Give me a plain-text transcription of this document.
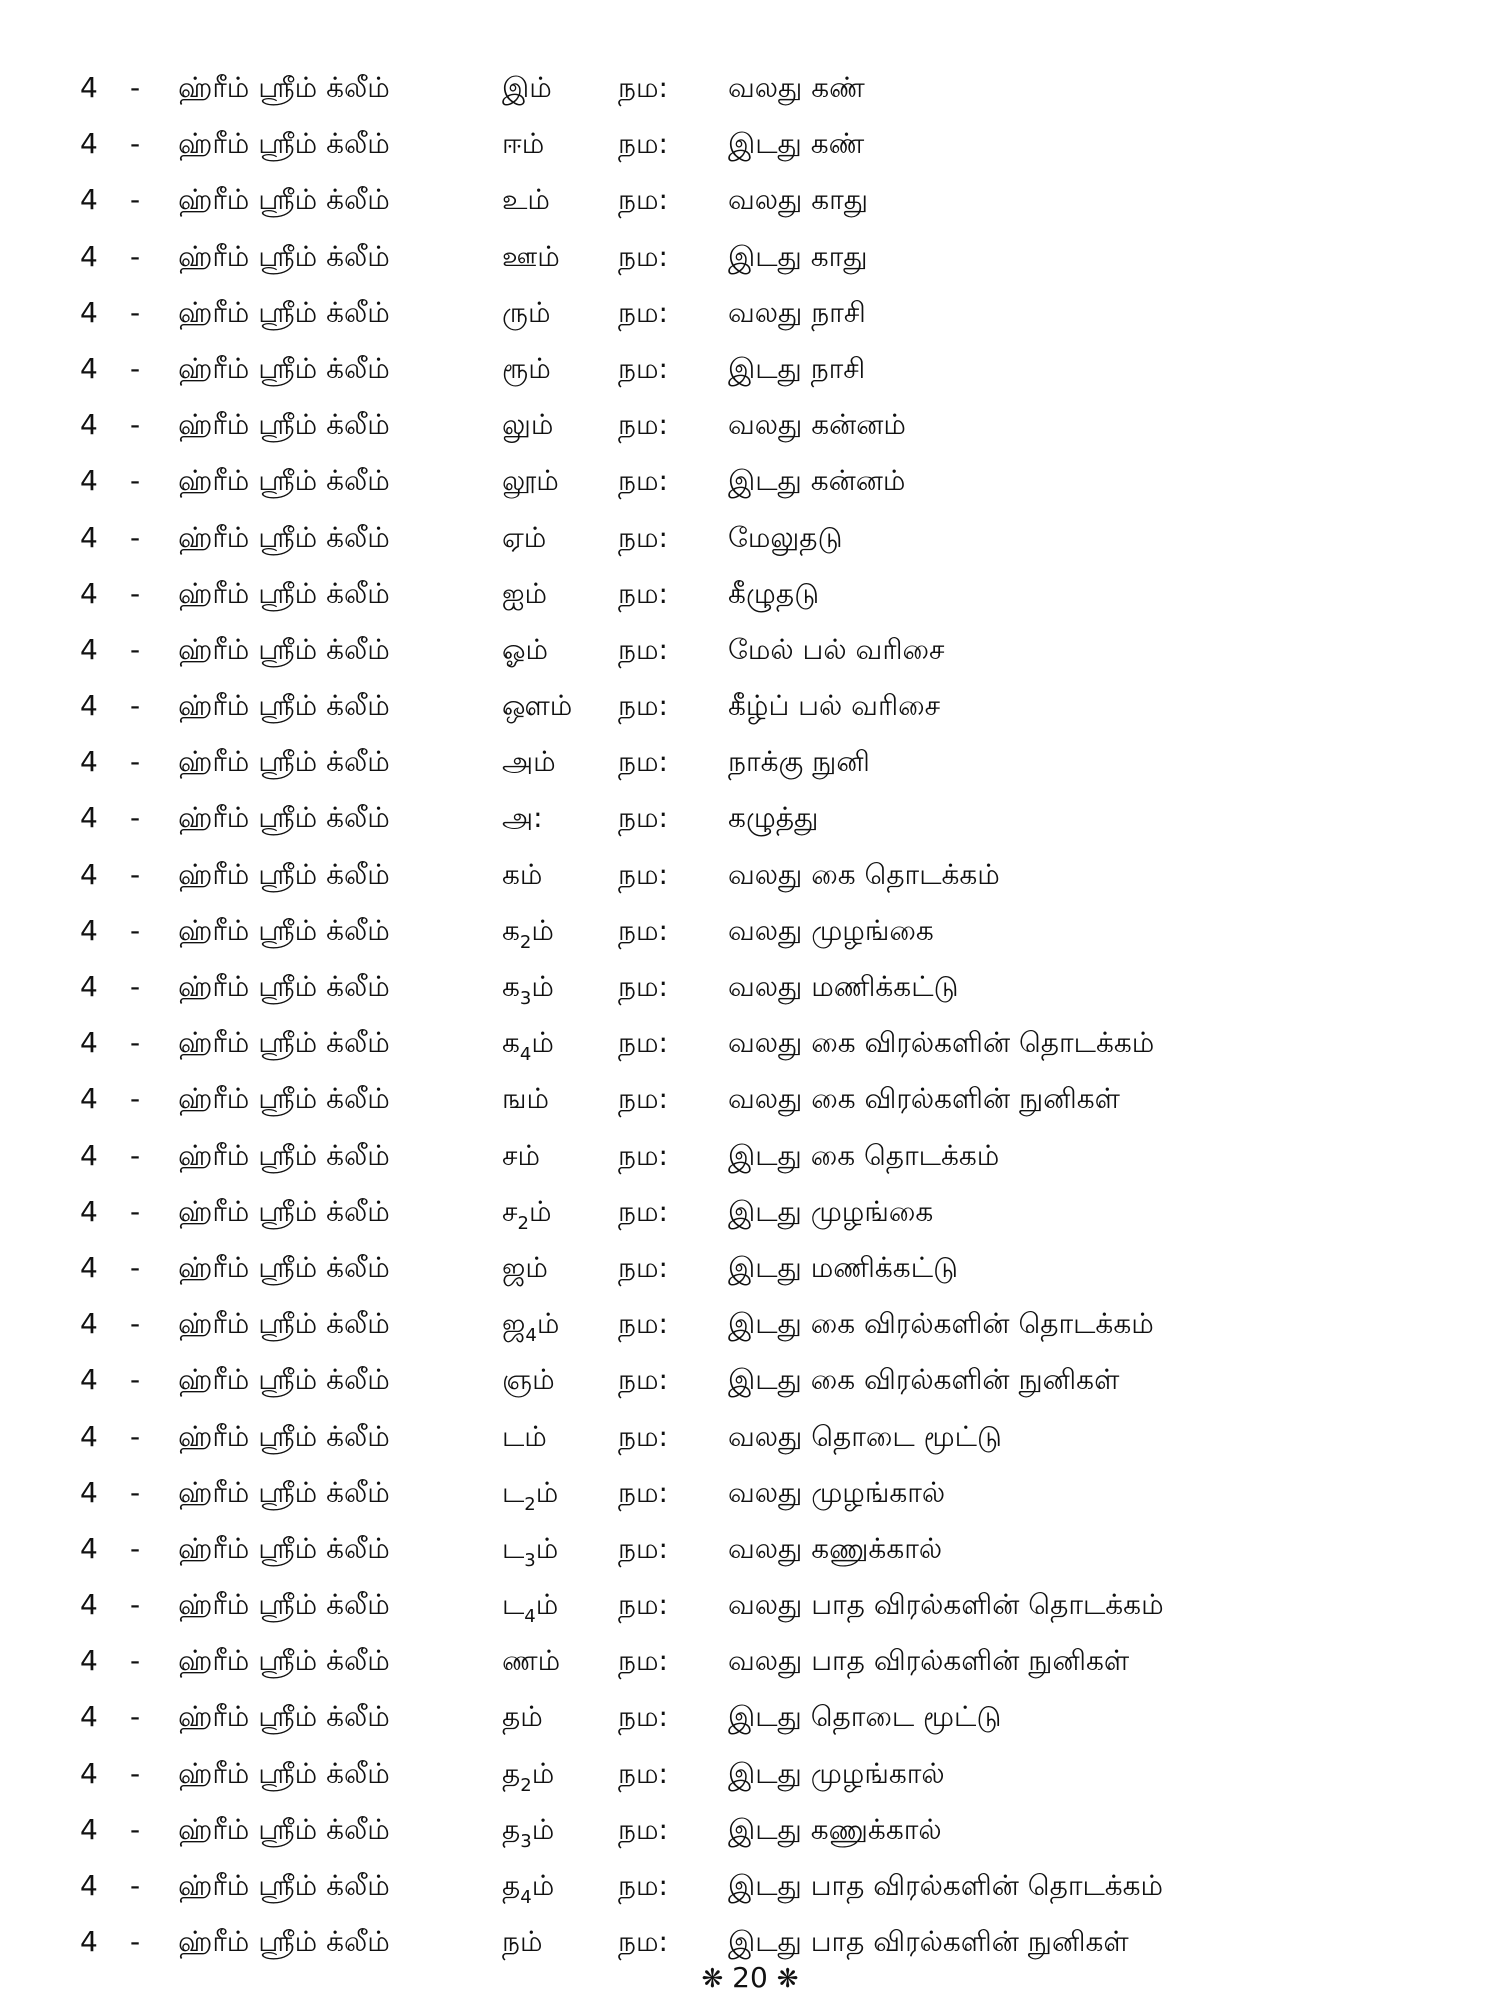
4 - ஹ்ரீம் ஸ்ரீம் க்லீம்	இம் நம: வலது கண்
4 - ஹ்ரீம் ஸ்ரீம் க்லீம்	ஈம்	நம: இடது கண்
4 - ஹ்ரீம் ஸ்ரீம் க்லீம்	உம் நம: வலது காது
4 - ஹ்ரீம் ஸ்ரீம் க்லீம்	ஊம் நம: இடது காது
4 - ஹ்ரீம் ஸ்ரீம் க்லீம்	ரும் நம: வலது நாசி
4 - ஹ்ரீம் ஸ்ரீம் க்லீம்	ரூம் நம: இடது நாசி
4 - ஹ்ரீம் ஸ்ரீம் க்லீம்	லும் நம: வலது கன்னம்
4 - ஹ்ரீம் ஸ்ரீம் க்லீம்	லூம் நம: இடது கன்னம்
4 - ஹ்ரீம் ஸ்ரீம் க்லீம்	ஏம்	நம: மேலுதடு
4 - ஹ்ரீம் ஸ்ரீம் க்லீம்	ஐம்	நம: கீழுதடு
4 - ஹ்ரீம் ஸ்ரீம் க்லீம்	ஓம் நம: மேல் பல் வரிசை
4 - ஹ்ரீம் ஸ்ரீம் க்லீம்	ஔம் நம: கீழ்ப் பல் வரிசை
4 - ஹ்ரீம் ஸ்ரீம் க்லீம்	அம் நம: நாக்கு நுனி
4 - ஹ்ரீம் ஸ்ரீம் க்லீம்	அ:	நம: கழுத்து
4 - ஹ்ரீம் ஸ்ரீம் க்லீம்	கம்	நம: வலது கை தொடக்கம்
4 - ஹ்ரீம் ஸ்ரீம் க்லீம்	க$_2$ம் நம: வலது முழங்கை
4 - ஹ்ரீம் ஸ்ரீம் க்லீம்	க$_3$ம் நம: வலது மணிக்கட்டு
4 - ஹ்ரீம் ஸ்ரீம் க்லீம்	க$_4$ம் நம: வலது கை விரல்களின் தொடக்கம்
4 - ஹ்ரீம் ஸ்ரீம் க்லீம்	ஙம் நம: வலது கை விரல்களின் நுனிகள்
4 - ஹ்ரீம் ஸ்ரீம் க்லீம்	சம்	நம: இடது கை தொடக்கம்
4 - ஹ்ரீம் ஸ்ரீம் க்லீம்	ச$_2$ம் நம: இடது முழங்கை
4 - ஹ்ரீம் ஸ்ரீம் க்லீம்	ஜம்	நம: இடது மணிக்கட்டு
4 - ஹ்ரீம் ஸ்ரீம் க்லீம்	ஜ$_4$ம் நம: இடது கை விரல்களின் தொடக்கம்
4 - ஹ்ரீம் ஸ்ரீம் க்லீம்	ஞம் நம: இடது கை விரல்களின் நுனிகள்
4 - ஹ்ரீம் ஸ்ரீம் க்லீம்	டம்	நம: வலது தொடை மூட்டு
4 - ஹ்ரீம் ஸ்ரீம் க்லீம்	ட$_2$ம் நம: வலது முழங்கால்
4 - ஹ்ரீம் ஸ்ரீம் க்லீம்	ட$_3$ம் நம: வலது கணுக்கால்
4 - ஹ்ரீம் ஸ்ரீம் க்லீம்	ட$_4$ம் நம: வலது பாத விரல்களின் தொடக்கம்
4 - ஹ்ரீம் ஸ்ரீம் க்லீம்	ணம் நம: வலது பாத விரல்களின் நுனிகள்
4 - ஹ்ரீம் ஸ்ரீம் க்லீம்	தம்	நம: இடது தொடை மூட்டு
4 - ஹ்ரீம் ஸ்ரீம் க்லீம்	த$_2$ம் நம: இடது முழங்கால்
4 - ஹ்ரீம் ஸ்ரீம் க்லீம்	த$_3$ம் நம: இடது கணுக்கால்
4 - ஹ்ரீம் ஸ்ரீம் க்லீம்	த$_4$ம் நம: இடது பாத விரல்களின் தொடக்கம்
4 - ஹ்ரீம் ஸ்ரீம் க்லீம்	நம்	நம: இடது பாத விரல்களின் நுனிகள்
❋ 20 ❋
